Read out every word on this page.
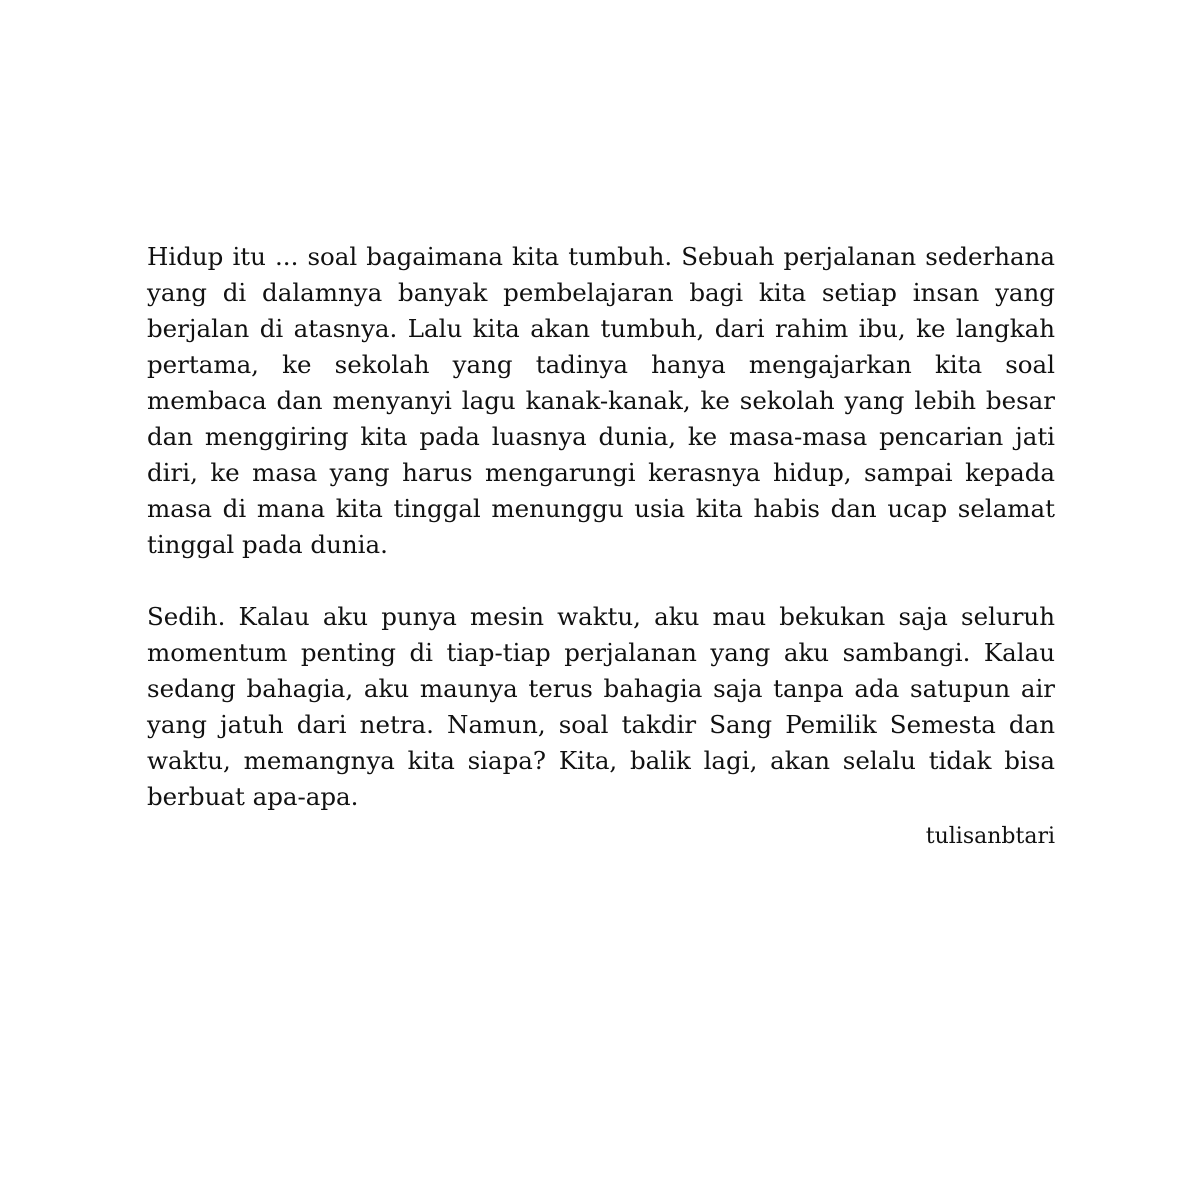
Hidup itu ... soal bagaimana kita tumbuh. Sebuah perjalanan sederhana yang di dalamnya banyak pembelajaran bagi kita setiap insan yang berjalan di atasnya. Lalu kita akan tumbuh, dari rahim ibu, ke langkah pertama, ke sekolah yang tadinya hanya mengajarkan kita soal membaca dan menyanyi lagu kanak-kanak, ke sekolah yang lebih besar dan menggiring kita pada luasnya dunia, ke masa-masa pencarian jati diri, ke masa yang harus mengarungi kerasnya hidup, sampai kepada masa di mana kita tinggal menunggu usia kita habis dan ucap selamat tinggal pada dunia.

Sedih. Kalau aku punya mesin waktu, aku mau bekukan saja seluruh momentum penting di tiap-tiap perjalanan yang aku sambangi. Kalau sedang bahagia, aku maunya terus bahagia saja tanpa ada satupun air yang jatuh dari netra. Namun, soal takdir Sang Pemilik Semesta dan waktu, memangnya kita siapa? Kita, balik lagi, akan selalu tidak bisa berbuat apa-apa.

tulisanbtari
